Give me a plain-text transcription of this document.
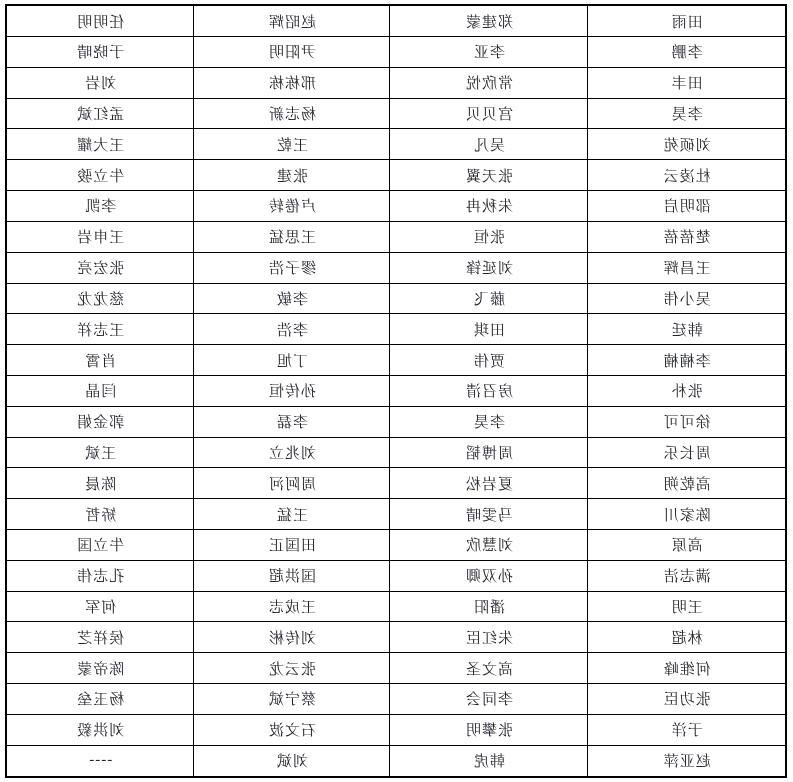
田雨	郑建蒙	赵昭辉	任明明
李鹏	李亚	尹阳明	于晓晴
田丰	常欣悦	邢栋栋	刘岩
李昊	宫贝贝	杨志新	孟红斌
刘硕苑	吴凡	王乾	王大耀
杜凌云	张天翼	张建	牛立骏
邵明启	朱秋冉	卢倦转	李凯
楚蓓蓓	张恒	王思猛	王申岩
王昌辉	刘延锋	缪子浩	张宏亮
吴小伟	藤飞	李敏	慈龙龙
韩廷	田琪	李浩	王志祥
李楠楠	贾伟	丁旭	肖霄
张朴	房召清	孙传恒	闫晶
徐可可	李昊	李磊	郭金娟
周长乐	周博韬	刘兆立	王斌
高乾朔	夏岩松	周阿河	陈晨
陈家川	马雯晴	王猛	矫哲
高原	刘慧欣	田国正	牛立国
满志洁	孙双卿	国洪超	孔志伟
王明	潘阳	王成志	何军
林超	朱红臣	刘传彬	侯祥芝
何维峰	高文圣	张云龙	陈帝蒙
张功臣	李同会	蔡宁斌	杨玉垒
于洋	张攀明	石文波	刘洪毅
赵亚萍	韩虎	刘斌	----
